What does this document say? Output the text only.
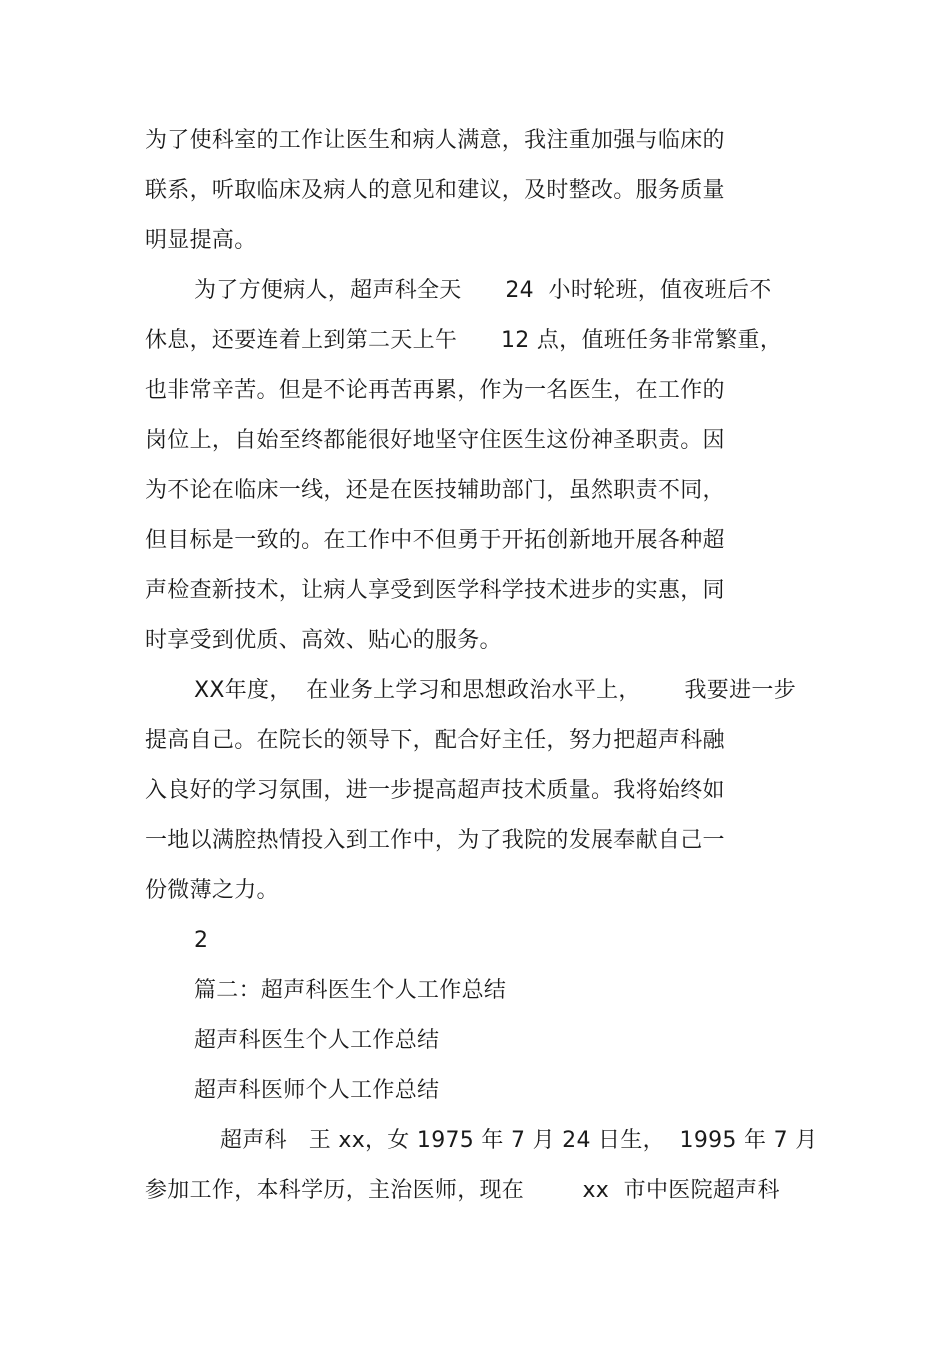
为了使科室的工作让医生和病人满意，我注重加强与临床的
联系，听取临床及病人的意见和建议，及时整改。服务质量
明显提高。
为了方便病人，超声科全天      24  小时轮班，值夜班后不
休息，还要连着上到第二天上午      12 点，值班任务非常繁重，
也非常辛苦。但是不论再苦再累，作为一名医生，在工作的
岗位上，自始至终都能很好地坚守住医生这份神圣职责。因
为不论在临床一线，还是在医技辅助部门，虽然职责不同，
但目标是一致的。在工作中不但勇于开拓创新地开展各种超
声检查新技术，让病人享受到医学科学技术进步的实惠，同
时享受到优质、高效、贴心的服务。
XX年度，  在业务上学习和思想政治水平上，      我要进一步
提高自己。在院长的领导下，配合好主任，努力把超声科融
入良好的学习氛围，进一步提高超声技术质量。我将始终如
一地以满腔热情投入到工作中，为了我院的发展奉献自己一
份微薄之力。
2
篇二：超声科医生个人工作总结
超声科医生个人工作总结
超声科医师个人工作总结
超声科   王 xx，女 1975 年 7 月 24 日生，  1995 年 7 月
参加工作，本科学历，主治医师，现在        xx  市中医院超声科
